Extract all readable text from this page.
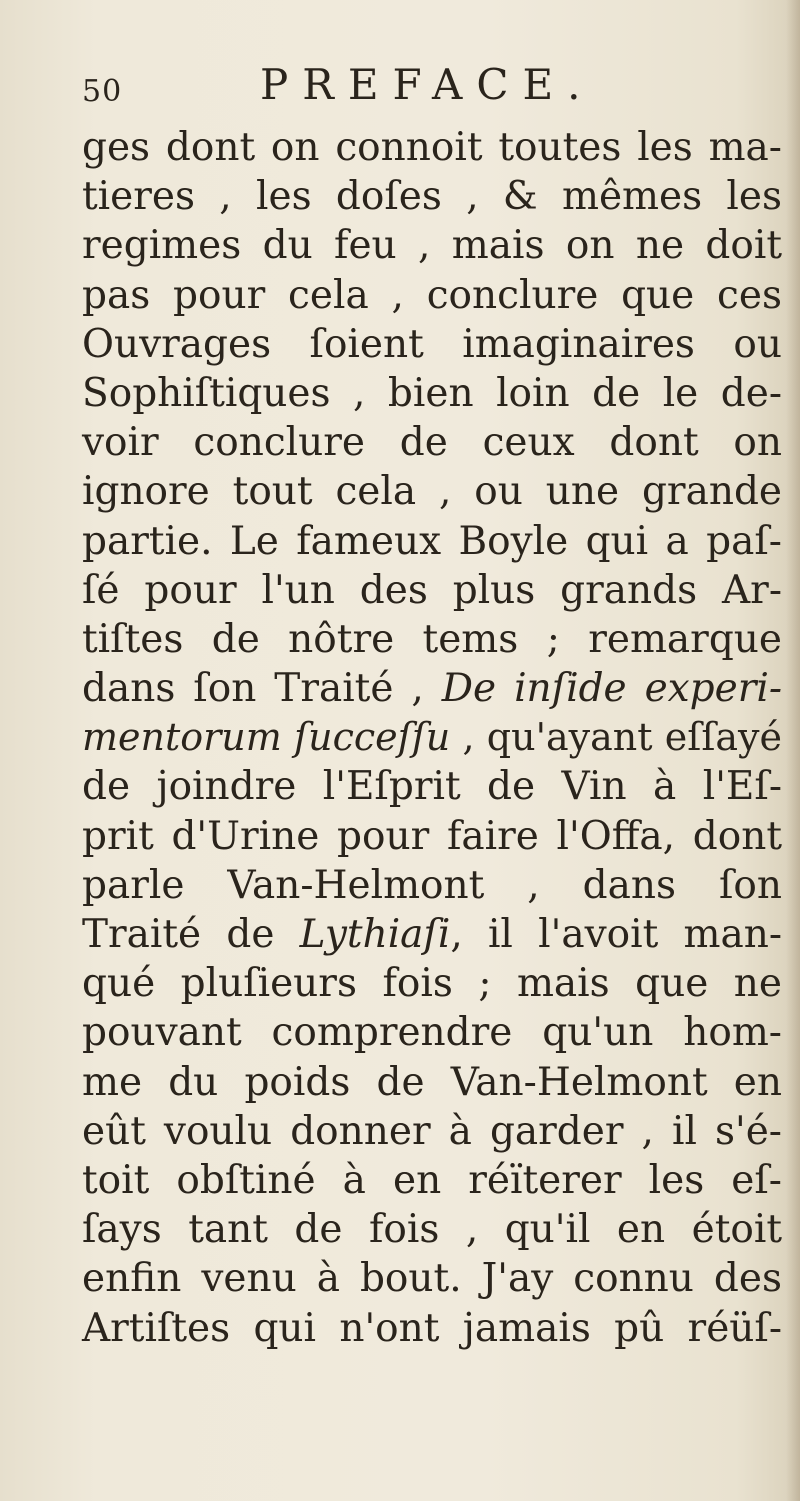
50	PREFACE.
ges dont on connoit toutes les ma-
tieres , les doſes , & mêmes les
regimes du feu , mais on ne doit
pas pour cela , conclure que ces
Ouvrages ſoient imaginaires ou
Sophiſtiques , bien loin de le de-
voir conclure de ceux dont on
ignore tout cela , ou une grande
partie. Le fameux Boyle qui a paſ-
ſé pour l'un des plus grands Ar-
tiſtes de nôtre tems ; remarque
dans ſon Traité , De inſide experi-
mentorum ſucceſſu , qu'ayant eſſayé
de joindre l'Eſprit de Vin à l'Eſ-
prit d'Urine pour faire l'Offa, dont
parle Van-Helmont , dans ſon
Traité de Lythiaſi, il l'avoit man-
qué pluſieurs fois ; mais que ne
pouvant comprendre qu'un hom-
me du poids de Van-Helmont en
eût voulu donner à garder , il s'é-
toit obſtiné à en réïterer les eſ-
ſays tant de fois , qu'il en étoit
enfin venu à bout. J'ay connu des
Artiſtes qui n'ont jamais pû réüſ-
